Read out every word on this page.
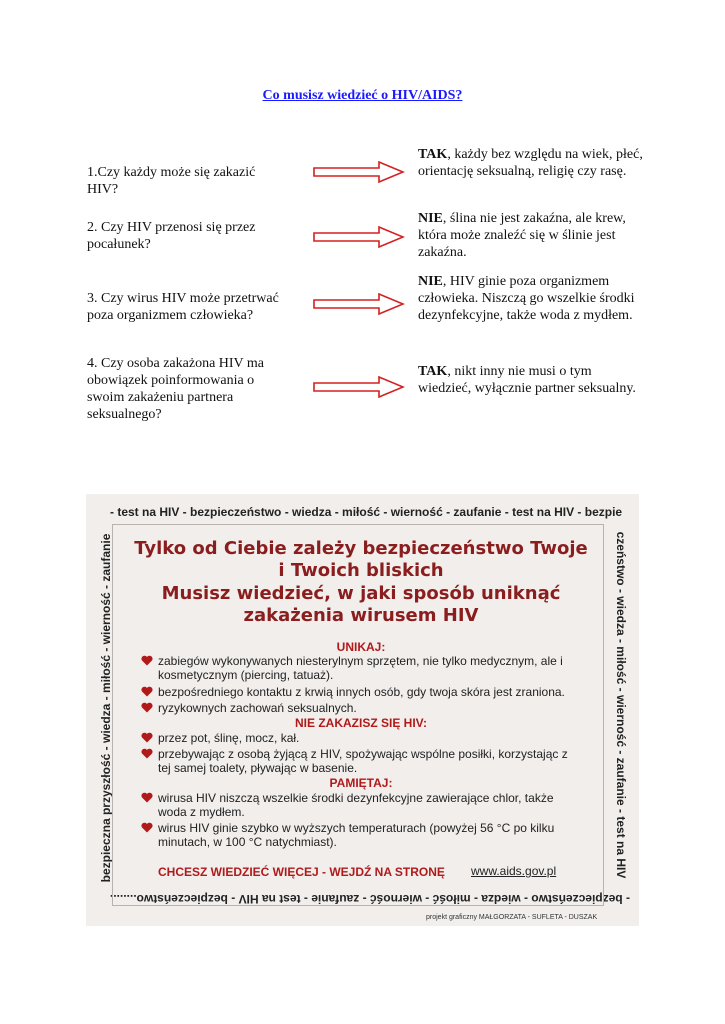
Co musisz wiedzieć o HIV/AIDS?
1.Czy każdy może się zakazić HIV?
TAK, każdy bez względu na wiek, płeć, orientację seksualną, religię czy rasę.
2. Czy HIV przenosi się przez pocałunek?
NIE, ślina nie jest zakaźna, ale krew, która może znaleźć się w ślinie jest zakaźna.
3. Czy wirus HIV może przetrwać poza organizmem człowieka?
NIE, HIV ginie poza organizmem człowieka. Niszczą go wszelkie środki dezynfekcyjne, także woda z mydłem.
4. Czy osoba zakażona HIV ma obowiązek poinformowania o swoim zakażeniu partnera seksualnego?
TAK, nikt inny nie musi o tym wiedzieć, wyłącznie partner seksualny.
- test na HIV - bezpieczeństwo - wiedza - miłość - wierność - zaufanie - test na HIV - bezpie
- bezpieczeństwo - wiedza - miłość - wierność - zaufanie - test na HIV - bezpieczeństwo........
bezpieczna przyszłość - wiedza - miłość - wierność - zaufanie	czeństwo - wiedza - miłość - wierność - zaufanie - test na HIV
Tylko od Ciebie zależy bezpieczeństwo Twoje
i Twoich bliskich
Musisz wiedzieć, w jaki sposób uniknąć
zakażenia wirusem HIV
UNIKAJ:
zabiegów wykonywanych niesterylnym sprzętem, nie tylko medycznym, ale i kosmetycznym (piercing, tatuaż).
bezpośredniego kontaktu z krwią innych osób, gdy twoja skóra jest zraniona.
ryzykownych zachowań seksualnych.
NIE ZAKAZISZ SIĘ HIV:
przez pot, ślinę, mocz, kał.
przebywając z osobą żyjącą z HIV, spożywając wspólne posiłki, korzystając z tej samej toalety, pływając w basenie.
PAMIĘTAJ:
wirusa HIV niszczą wszelkie środki dezynfekcyjne zawierające chlor, także woda z mydłem.
wirus HIV ginie szybko w wyższych temperaturach (powyżej 56 °C po kilku minutach, w 100 °C natychmiast).
CHCESZ WIEDZIEĆ WIĘCEJ - WEJDŹ NA STRONĘ www.aids.gov.pl
projekt graficzny MAŁGORZATA - SUFLETA - DUSZAK
